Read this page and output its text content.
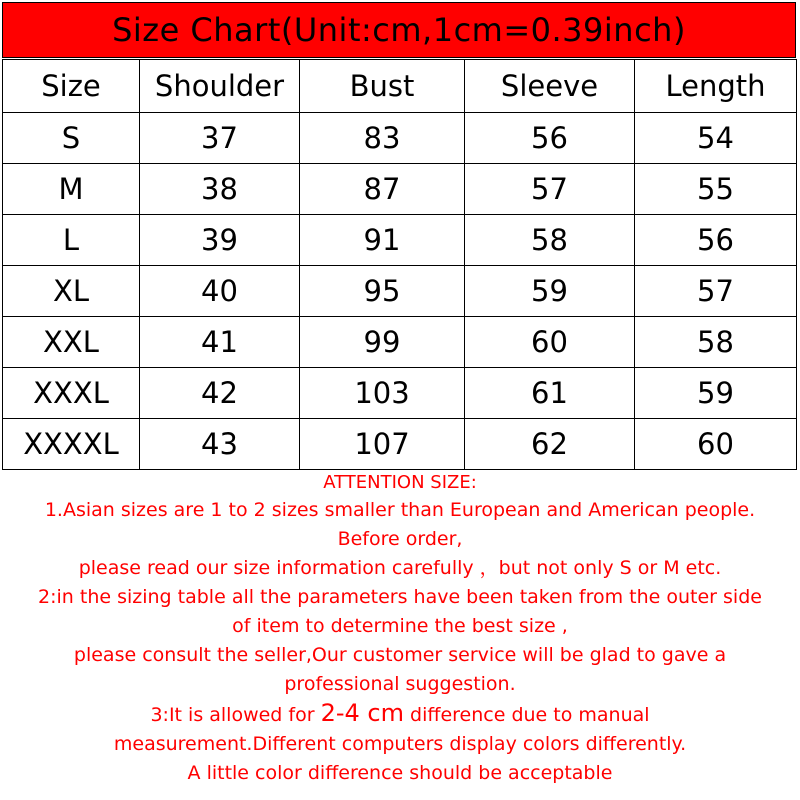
Size Chart(Unit:cm,1cm=0.39inch)
Size	Shoulder	Bust	Sleeve	Length
S	37	83	56	54
M	38	87	57	55
L	39	91	58	56
XL	40	95	59	57
XXL	41	99	60	58
XXXL	42	103	61	59
XXXXL	43	107	62	60
ATTENTION SIZE:
1.Asian sizes are 1 to 2 sizes smaller than European and American people.
Before order,
please read our size information carefully ，but not only S or M etc.
2:in the sizing table all the parameters have been taken from the outer side
of item to determine the best size ,
please consult the seller,Our customer service will be glad to gave a
professional suggestion.
3:It is allowed for 2-4 cm difference due to manual
measurement.Different computers display colors differently.
A little color difference should be acceptable
